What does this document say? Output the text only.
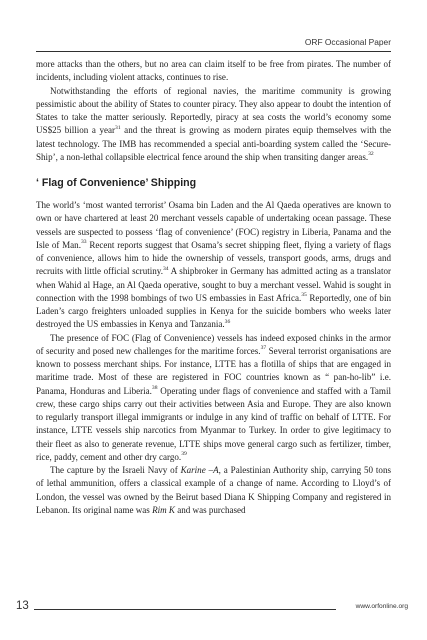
ORF Occasional Paper

more attacks than the others, but no area can claim itself to be free from pirates. The number of incidents, including violent attacks, continues to rise.

Notwithstanding the efforts of regional navies, the maritime community is growing pessimistic about the ability of States to counter piracy. They also appear to doubt the intention of States to take the matter seriously. Reportedly, piracy at sea costs the world’s economy some US$25 billion a year$^{31}$ and the threat is growing as modern pirates equip themselves with the latest technology. The IMB has recommended a special anti-boarding system called the ‘Secure-Ship’, a non-lethal collapsible electrical fence around the ship when transiting danger areas.$^{32}$

‘ Flag of Convenience’ Shipping

The world’s ‘most wanted terrorist’ Osama bin Laden and the Al Qaeda operatives are known to own or have chartered at least 20 merchant vessels capable of undertaking ocean passage. These vessels are suspected to possess ‘flag of convenience’ (FOC) registry in Liberia, Panama and the Isle of Man.$^{33}$ Recent reports suggest that Osama’s secret shipping fleet, flying a variety of flags of convenience, allows him to hide the ownership of vessels, transport goods, arms, drugs and recruits with little official scrutiny.$^{34}$ A shipbroker in Germany has admitted acting as a translator when Wahid al Hage, an Al Qaeda operative, sought to buy a merchant vessel. Wahid is sought in connection with the 1998 bombings of two US embassies in East Africa.$^{35}$ Reportedly, one of bin Laden’s cargo freighters unloaded supplies in Kenya for the suicide bombers who weeks later destroyed the US embassies in Kenya and Tanzania.$^{36}$

The presence of FOC (Flag of Convenience) vessels has indeed exposed chinks in the armor of security and posed new challenges for the maritime forces.$^{37}$ Several terrorist organisations are known to possess merchant ships. For instance, LTTE has a flotilla of ships that are engaged in maritime trade. Most of these are registered in FOC countries known as “ pan-ho-lib” i.e. Panama, Honduras and Liberia.$^{38}$ Operating under flags of convenience and staffed with a Tamil crew, these cargo ships carry out their activities between Asia and Europe. They are also known to regularly transport illegal immigrants or indulge in any kind of traffic on behalf of LTTE. For instance, LTTE vessels ship narcotics from Myanmar to Turkey. In order to give legitimacy to their fleet as also to generate revenue, LTTE ships move general cargo such as fertilizer, timber, rice, paddy, cement and other dry cargo.$^{39}$

The capture by the Israeli Navy of Karine –A, a Palestinian Authority ship, carrying 50 tons of lethal ammunition, offers a classical example of a change of name. According to Lloyd’s of London, the vessel was owned by the Beirut based Diana K Shipping Company and registered in Lebanon. Its original name was Rim K and was purchased

13	www.orfonline.org
